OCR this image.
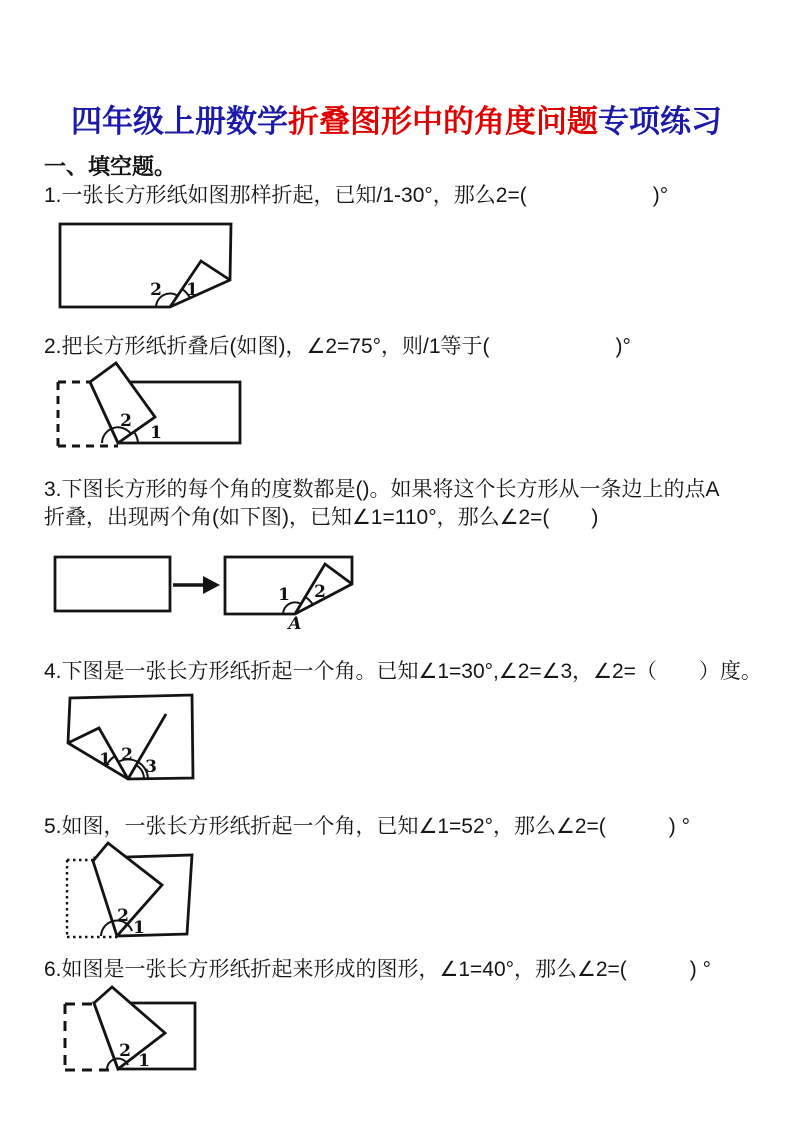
四年级上册数学折叠图形中的角度问题专项练习
一、填空题。
1.一张长方形纸如图那样折起，已知/1-30°，那么2=(　　　　　　)°
2 1
2.把长方形纸折叠后(如图)，∠2=75°，则/1等于(　　　　　　)°
2
1
3.下图长方形的每个角的度数都是()。如果将这个长方形从一条边上的点A
折叠，出现两个角(如下图)，已知∠1=110°，那么∠2=(　　)
1 2
A
4.下图是一张长方形纸折起一个角。已知∠1=30°,∠2=∠3，∠2=（　　）度。
1 2
3
5.如图，一张长方形纸折起一个角，已知∠1=52°，那么∠2=(　　　) °
2
1
6.如图是一张长方形纸折起来形成的图形，∠1=40°，那么∠2=(　　　) °
2 1
